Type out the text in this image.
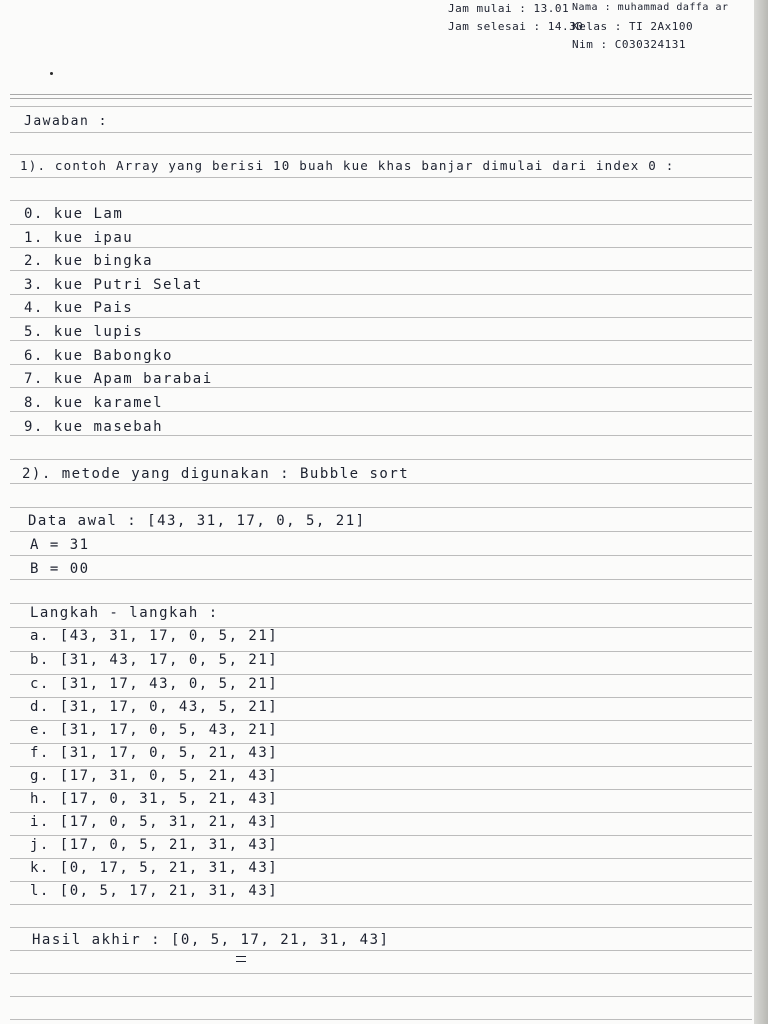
Jam mulai : 13.01
Jam selesai : 14.30
Nama : muhammad daffa ar
Kelas : TI 2Ax100
Nim : C030324131
Jawaban :
1). contoh Array yang berisi 10 buah kue khas banjar dimulai dari index 0 :
0. kue Lam
1. kue ipau
2. kue bingka
3. kue Putri Selat
4. kue Pais
5. kue lupis
6. kue Babongko
7. kue Apam barabai
8. kue karamel
9. kue masebah
2). metode yang digunakan : Bubble sort
Data awal : [43, 31, 17, 0, 5, 21]
A = 31
B = 00
Langkah - langkah :
a. [43, 31, 17, 0, 5, 21]
b. [31, 43, 17, 0, 5, 21]
c. [31, 17, 43, 0, 5, 21]
d. [31, 17, 0, 43, 5, 21]
e. [31, 17, 0, 5, 43, 21]
f. [31, 17, 0, 5, 21, 43]
g. [17, 31, 0, 5, 21, 43]
h. [17, 0, 31, 5, 21, 43]
i. [17, 0, 5, 31, 21, 43]
j. [17, 0, 5, 21, 31, 43]
k. [0, 17, 5, 21, 31, 43]
l. [0, 5, 17, 21, 31, 43]
Hasil akhir : [0, 5, 17, 21, 31, 43]
